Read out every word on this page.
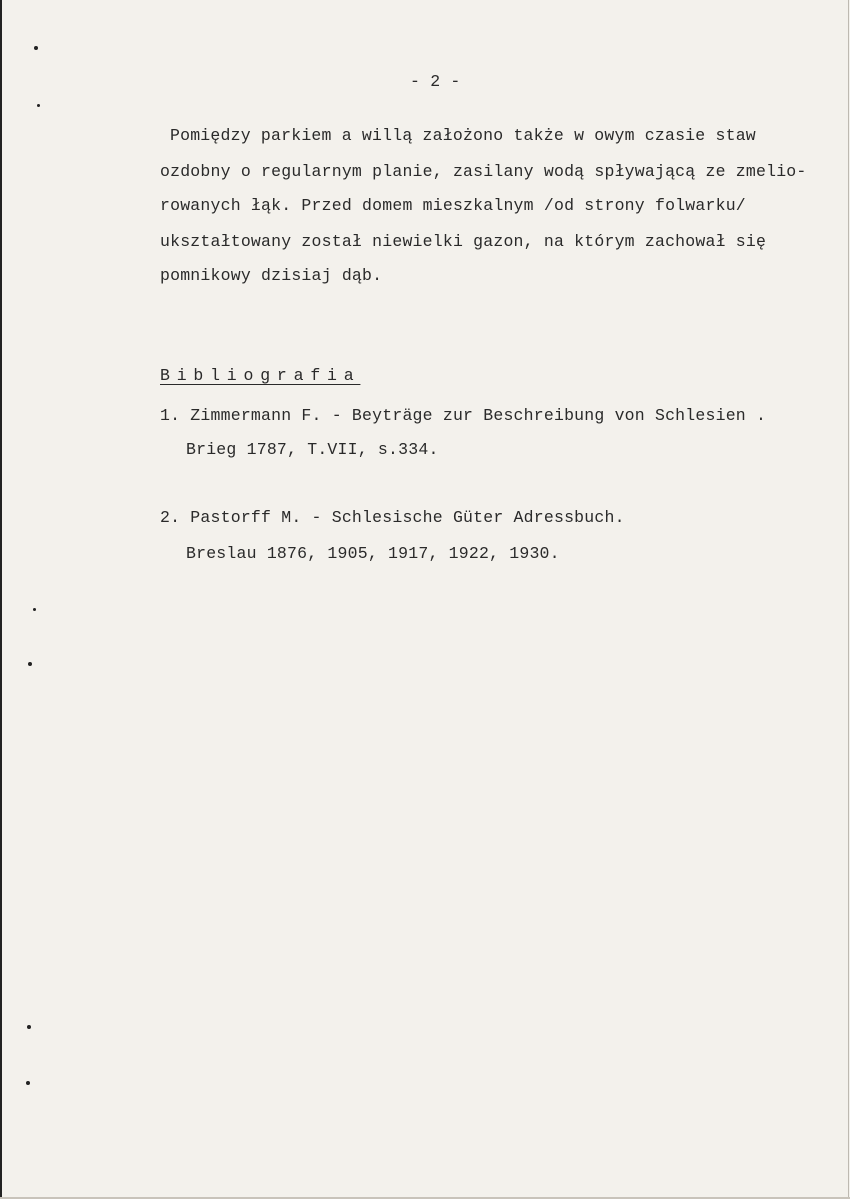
- 2 -
Pomiędzy parkiem a willą założono także w owym czasie staw
ozdobny o regularnym planie, zasilany wodą spływającą ze zmelio-
rowanych łąk. Przed domem mieszkalnym /od strony folwarku/
ukształtowany został niewielki gazon, na którym zachował się
pomnikowy dzisiaj dąb.
Bibliografia
1. Zimmermann F. - Beyträge zur Beschreibung von Schlesien .
Brieg 1787, T.VII, s.334.
2. Pastorff M. - Schlesische Güter Adressbuch.
Breslau 1876, 1905, 1917, 1922, 1930.
